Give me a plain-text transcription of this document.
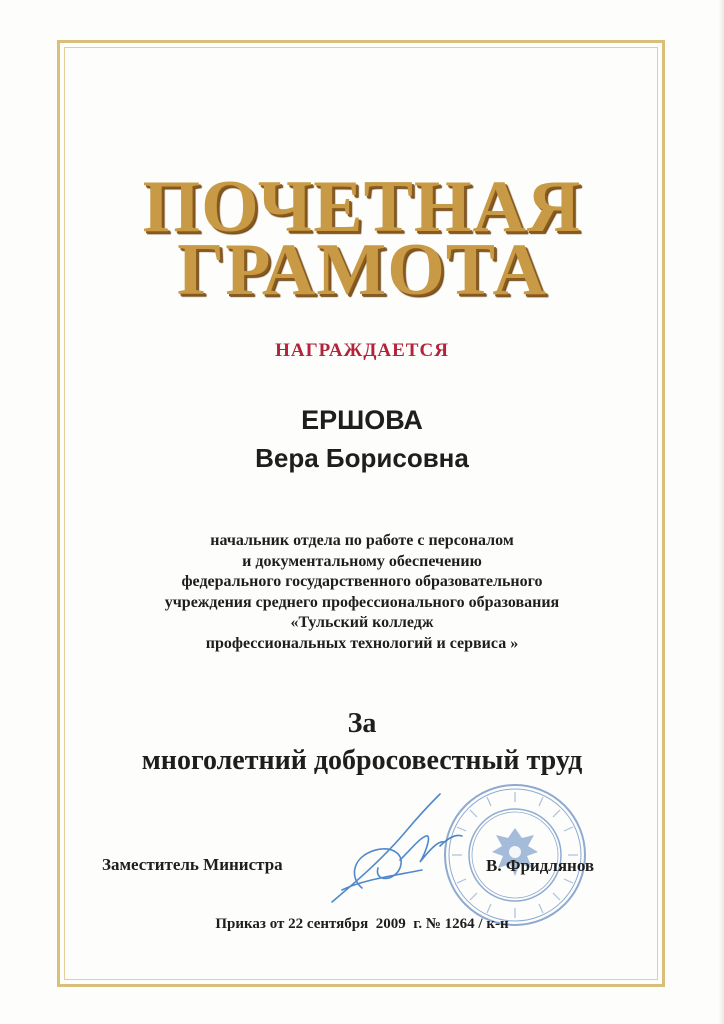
ПОЧЕТНАЯ
ГРАМОТА
НАГРАЖДАЕТСЯ
ЕРШОВА
Вера Борисовна
начальник отдела по работе с персоналом
и документальному обеспечению
федерального государственного образовательного
учреждения среднего профессионального образования
«Тульский колледж
профессиональных технологий и сервиса »
За
многолетний добросовестный труд
Заместитель Министра	В. Фридлянов
Приказ от 22 сентября  2009  г. № 1264 / к-н
